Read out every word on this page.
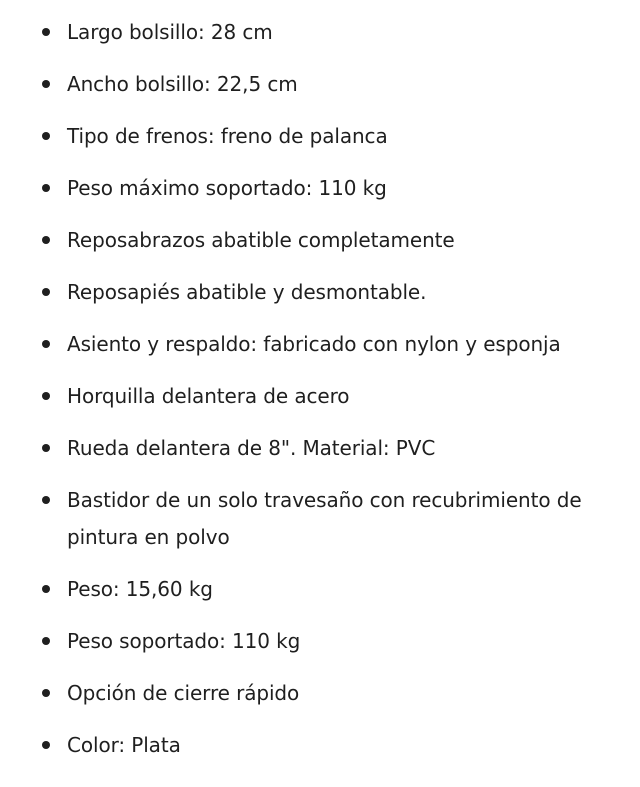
Largo bolsillo: 28 cm
Ancho bolsillo: 22,5 cm
Tipo de frenos: freno de palanca
Peso máximo soportado: 110 kg
Reposabrazos abatible completamente
Reposapiés abatible y desmontable.
Asiento y respaldo: fabricado con nylon y esponja
Horquilla delantera de acero
Rueda delantera de 8". Material: PVC
Bastidor de un solo travesaño con recubrimiento de pintura en polvo
Peso: 15,60 kg
Peso soportado: 110 kg
Opción de cierre rápido
Color: Plata
